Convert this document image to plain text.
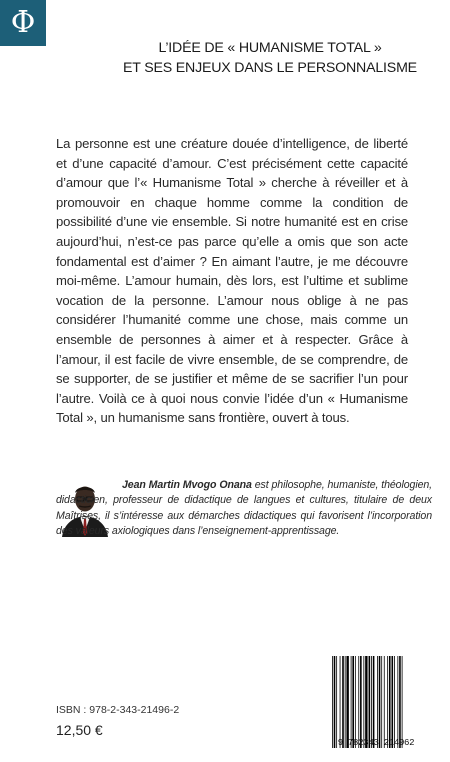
Φ
L’IDÉE DE « HUMANISME TOTAL »
ET SES ENJEUX DANS LE PERSONNALISME
La personne est une créature douée d’intelligence, de liberté et d’une capacité d’amour. C’est précisément cette capacité d’amour que l’« Humanisme Total » cherche à réveiller et à promouvoir en chaque homme comme la condition de possibilité d’une vie ensemble. Si notre humanité est en crise aujourd’hui, n’est-ce pas parce qu’elle a omis que son acte fondamental est d’aimer ? En aimant l’autre, je me découvre moi-même. L’amour humain, dès lors, est l’ultime et sublime vocation de la personne. L’amour nous oblige à ne pas considérer l’humanité comme une chose, mais comme un ensemble de personnes à aimer et à respecter. Grâce à l’amour, il est facile de vivre ensemble, de se comprendre, de se supporter, de se justifier et même de se sacrifier l’un pour l’autre. Voilà ce à quoi nous convie l’idée d’un « Humanisme Total », un humanisme sans frontière, ouvert à tous.
Jean Martin Mvogo Onana est philosophe, humaniste, théologien, didacticien, professeur de didactique de langues et cultures, titulaire de deux Maîtrises, il s’intéresse aux démarches didactiques qui favorisent l’incorporation des valeurs axiologiques dans l’enseignement-apprentissage.
ISBN : 978-2-343-21496-2
12,50 €
9 782343 214962
